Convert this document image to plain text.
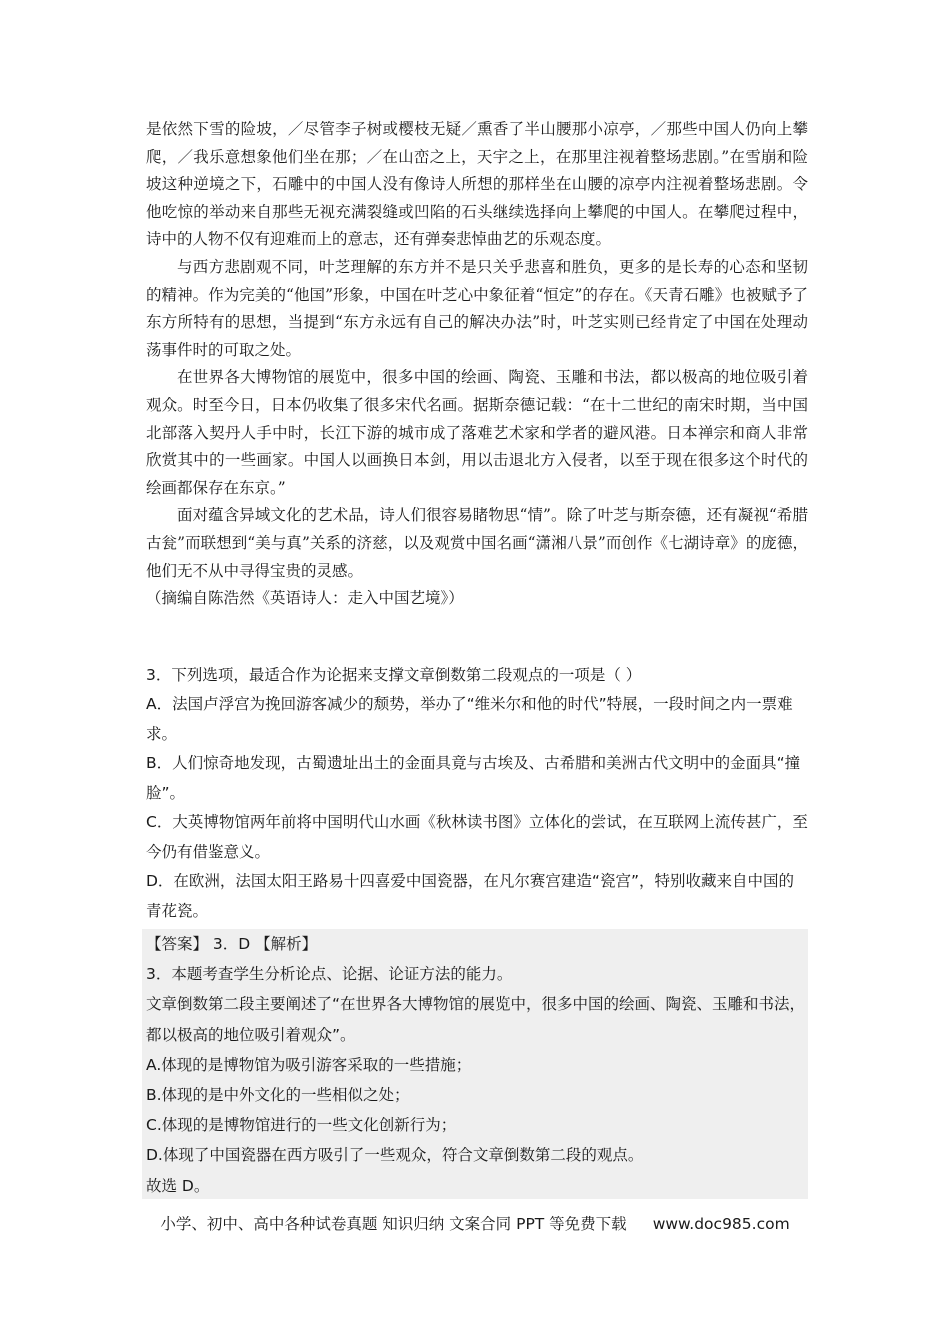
是依然下雪的险坡，／尽管李子树或樱枝无疑／熏香了半山腰那小凉亭，／那些中国人仍向上攀爬，／我乐意想象他们坐在那；／在山峦之上，天宇之上，在那里注视着整场悲剧。”在雪崩和险坡这种逆境之下，石雕中的中国人没有像诗人所想的那样坐在山腰的凉亭内注视着整场悲剧。令他吃惊的举动来自那些无视充满裂缝或凹陷的石头继续选择向上攀爬的中国人。在攀爬过程中，诗中的人物不仅有迎难而上的意志，还有弹奏悲悼曲艺的乐观态度。

与西方悲剧观不同，叶芝理解的东方并不是只关乎悲喜和胜负，更多的是长寿的心态和坚韧的精神。作为完美的“他国”形象，中国在叶芝心中象征着“恒定”的存在。《天青石雕》也被赋予了东方所特有的思想，当提到“东方永远有自己的解决办法”时，叶芝实则已经肯定了中国在处理动荡事件时的可取之处。

在世界各大博物馆的展览中，很多中国的绘画、陶瓷、玉雕和书法，都以极高的地位吸引着观众。时至今日，日本仍收集了很多宋代名画。据斯奈德记载：“在十二世纪的南宋时期，当中国北部落入契丹人手中时，长江下游的城市成了落难艺术家和学者的避风港。日本禅宗和商人非常欣赏其中的一些画家。中国人以画换日本剑，用以击退北方入侵者，以至于现在很多这个时代的绘画都保存在东京。”

面对蕴含异域文化的艺术品，诗人们很容易睹物思“情”。除了叶芝与斯奈德，还有凝视“希腊古瓮”而联想到“美与真”关系的济慈，以及观赏中国名画“潇湘八景”而创作《七湖诗章》的庞德，他们无不从中寻得宝贵的灵感。

（摘编自陈浩然《英语诗人：走入中国艺境》）

3．下列选项，最适合作为论据来支撑文章倒数第二段观点的一项是（ ）

A．法国卢浮宫为挽回游客减少的颓势，举办了“维米尔和他的时代”特展，一段时间之内一票难求。

B．人们惊奇地发现，古蜀遗址出土的金面具竟与古埃及、古希腊和美洲古代文明中的金面具“撞脸”。

C．大英博物馆两年前将中国明代山水画《秋林读书图》立体化的尝试，在互联网上流传甚广，至今仍有借鉴意义。

D．在欧洲，法国太阳王路易十四喜爱中国瓷器，在凡尔赛宫建造“瓷宫”，特别收藏来自中国的青花瓷。

【答案】 3．D 【解析】

3．本题考查学生分析论点、论据、论证方法的能力。

文章倒数第二段主要阐述了“在世界各大博物馆的展览中，很多中国的绘画、陶瓷、玉雕和书法，都以极高的地位吸引着观众”。

A.体现的是博物馆为吸引游客采取的一些措施；

B.体现的是中外文化的一些相似之处；

C.体现的是博物馆进行的一些文化创新行为；

D.体现了中国瓷器在西方吸引了一些观众，符合文章倒数第二段的观点。

故选 D。

小学、初中、高中各种试卷真题 知识归纳 文案合同 PPT 等免费下载 www.doc985.com
